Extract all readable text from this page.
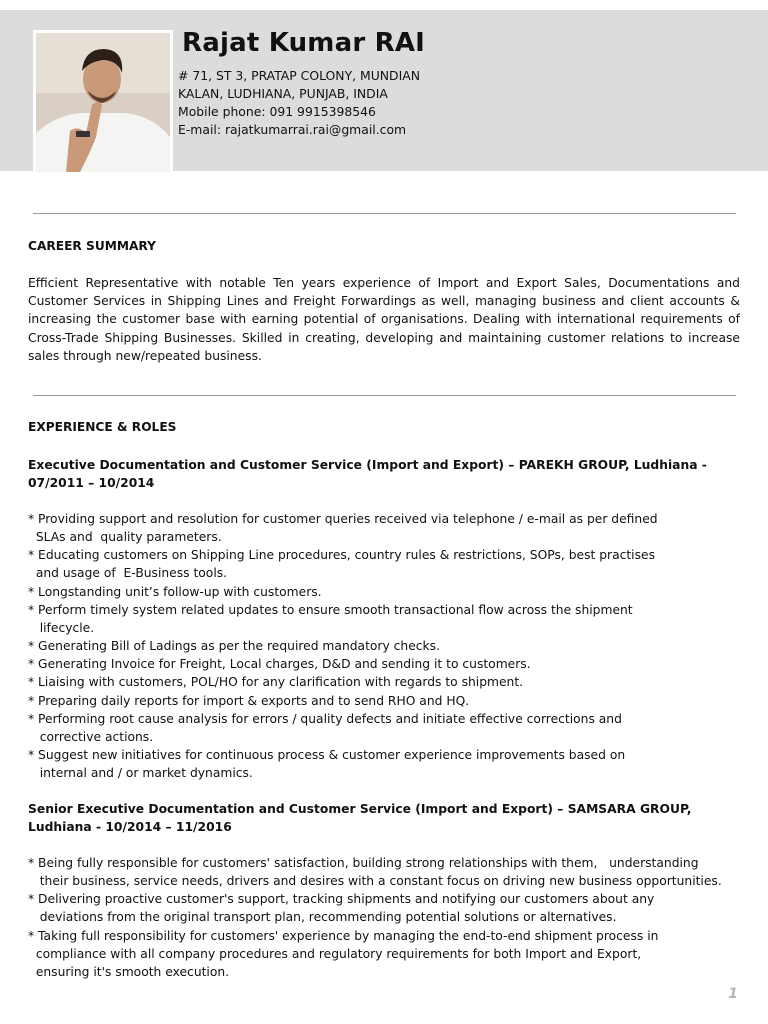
Rajat Kumar RAI
# 71, ST 3, PRATAP COLONY, MUNDIAN
KALAN, LUDHIANA, PUNJAB, INDIA
Mobile phone: 091 9915398546
E-mail: rajatkumarrai.rai@gmail.com
CAREER SUMMARY
Efficient Representative with notable Ten years experience of Import and Export Sales, Documentations and Customer Services in Shipping Lines and Freight Forwardings as well, managing business and client accounts & increasing the customer base with earning potential of organisations. Dealing with international requirements of Cross-Trade Shipping Businesses. Skilled in creating, developing and maintaining customer relations to increase sales through new/repeated business.
EXPERIENCE & ROLES
Executive Documentation and Customer Service (Import and Export) – PAREKH GROUP, Ludhiana - 07/2011 – 10/2014
* Providing support and resolution for customer queries received via telephone / e-mail as per defined
SLAs and  quality parameters.
* Educating customers on Shipping Line procedures, country rules & restrictions, SOPs, best practises
and usage of  E-Business tools.
* Longstanding unit’s follow-up with customers.
* Perform timely system related updates to ensure smooth transactional flow across the shipment
lifecycle.
* Generating Bill of Ladings as per the required mandatory checks.
* Generating Invoice for Freight, Local charges, D&D and sending it to customers.
* Liaising with customers, POL/HO for any clarification with regards to shipment.
* Preparing daily reports for import & exports and to send RHO and HQ.
* Performing root cause analysis for errors / quality defects and initiate effective corrections and
corrective actions.
* Suggest new initiatives for continuous process & customer experience improvements based on
internal and / or market dynamics.
Senior Executive Documentation and Customer Service (Import and Export) – SAMSARA GROUP, Ludhiana - 10/2014 – 11/2016
* Being fully responsible for customers' satisfaction, building strong relationships with them,   understanding
their business, service needs, drivers and desires with a constant focus on driving new business opportunities.
* Delivering proactive customer's support, tracking shipments and notifying our customers about any
deviations from the original transport plan, recommending potential solutions or alternatives.
* Taking full responsibility for customers' experience by managing the end-to-end shipment process in
compliance with all company procedures and regulatory requirements for both Import and Export,
ensuring it's smooth execution.
1
